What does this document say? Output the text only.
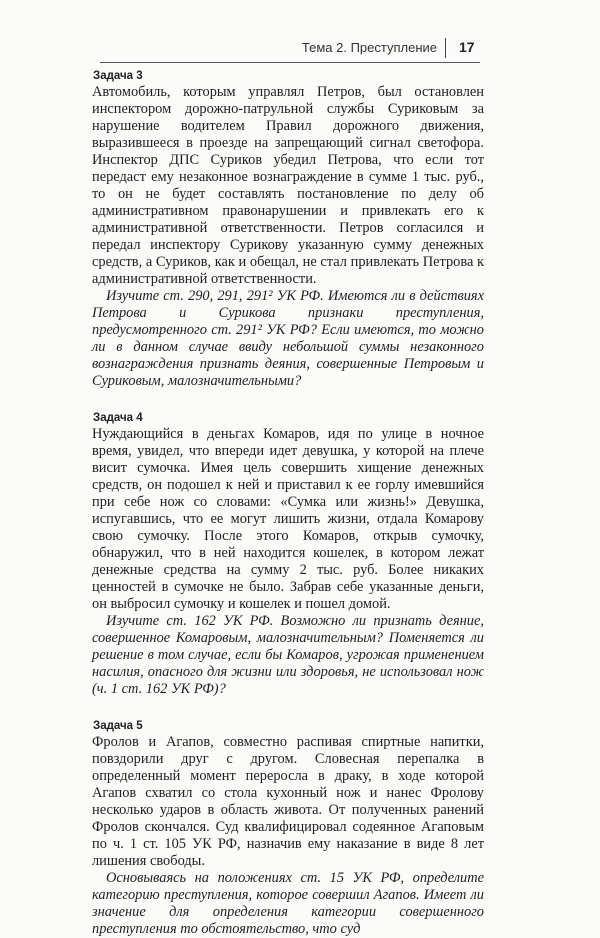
Тема 2. Преступление 17

Задача 3

Автомобиль, которым управлял Петров, был остановлен инспектором дорожно-патрульной службы Суриковым за нарушение водителем Правил дорожного движения, выразившееся в проезде на запрещающий сигнал светофора. Инспектор ДПС Суриков убедил Петрова, что если тот передаст ему незаконное вознаграждение в сумме 1 тыс. руб., то он не будет составлять постановление по делу об административном правонарушении и привлекать его к административной ответственности. Петров согласился и передал инспектору Сурикову указанную сумму денежных средств, а Суриков, как и обещал, не стал привлекать Петрова к административной ответственности.

Изучите ст. 290, 291, 291² УК РФ. Имеются ли в действиях Петрова и Сурикова признаки преступления, предусмотренного ст. 291² УК РФ? Если имеются, то можно ли в данном случае ввиду небольшой суммы незаконного вознаграждения признать деяния, совершенные Петровым и Суриковым, малозначительными?

Задача 4

Нуждающийся в деньгах Комаров, идя по улице в ночное время, увидел, что впереди идет девушка, у которой на плече висит сумочка. Имея цель совершить хищение денежных средств, он подошел к ней и приставил к ее горлу имевшийся при себе нож со словами: «Сумка или жизнь!» Девушка, испугавшись, что ее могут лишить жизни, отдала Комарову свою сумочку. После этого Комаров, открыв сумочку, обнаружил, что в ней находится кошелек, в котором лежат денежные средства на сумму 2 тыс. руб. Более никаких ценностей в сумочке не было. Забрав себе указанные деньги, он выбросил сумочку и кошелек и пошел домой.

Изучите ст. 162 УК РФ. Возможно ли признать деяние, совершенное Комаровым, малозначительным? Поменяется ли решение в том случае, если бы Комаров, угрожая применением насилия, опасного для жизни или здоровья, не использовал нож (ч. 1 ст. 162 УК РФ)?

Задача 5

Фролов и Агапов, совместно распивая спиртные напитки, повздорили друг с другом. Словесная перепалка в определенный момент переросла в драку, в ходе которой Агапов схватил со стола кухонный нож и нанес Фролову несколько ударов в область живота. От полученных ранений Фролов скончался. Суд квалифицировал содеянное Агаповым по ч. 1 ст. 105 УК РФ, назначив ему наказание в виде 8 лет лишения свободы.

Основываясь на положениях ст. 15 УК РФ, определите категорию преступления, которое совершил Агапов. Имеет ли значение для определения категории совершенного преступления то обстоятельство, что суд
